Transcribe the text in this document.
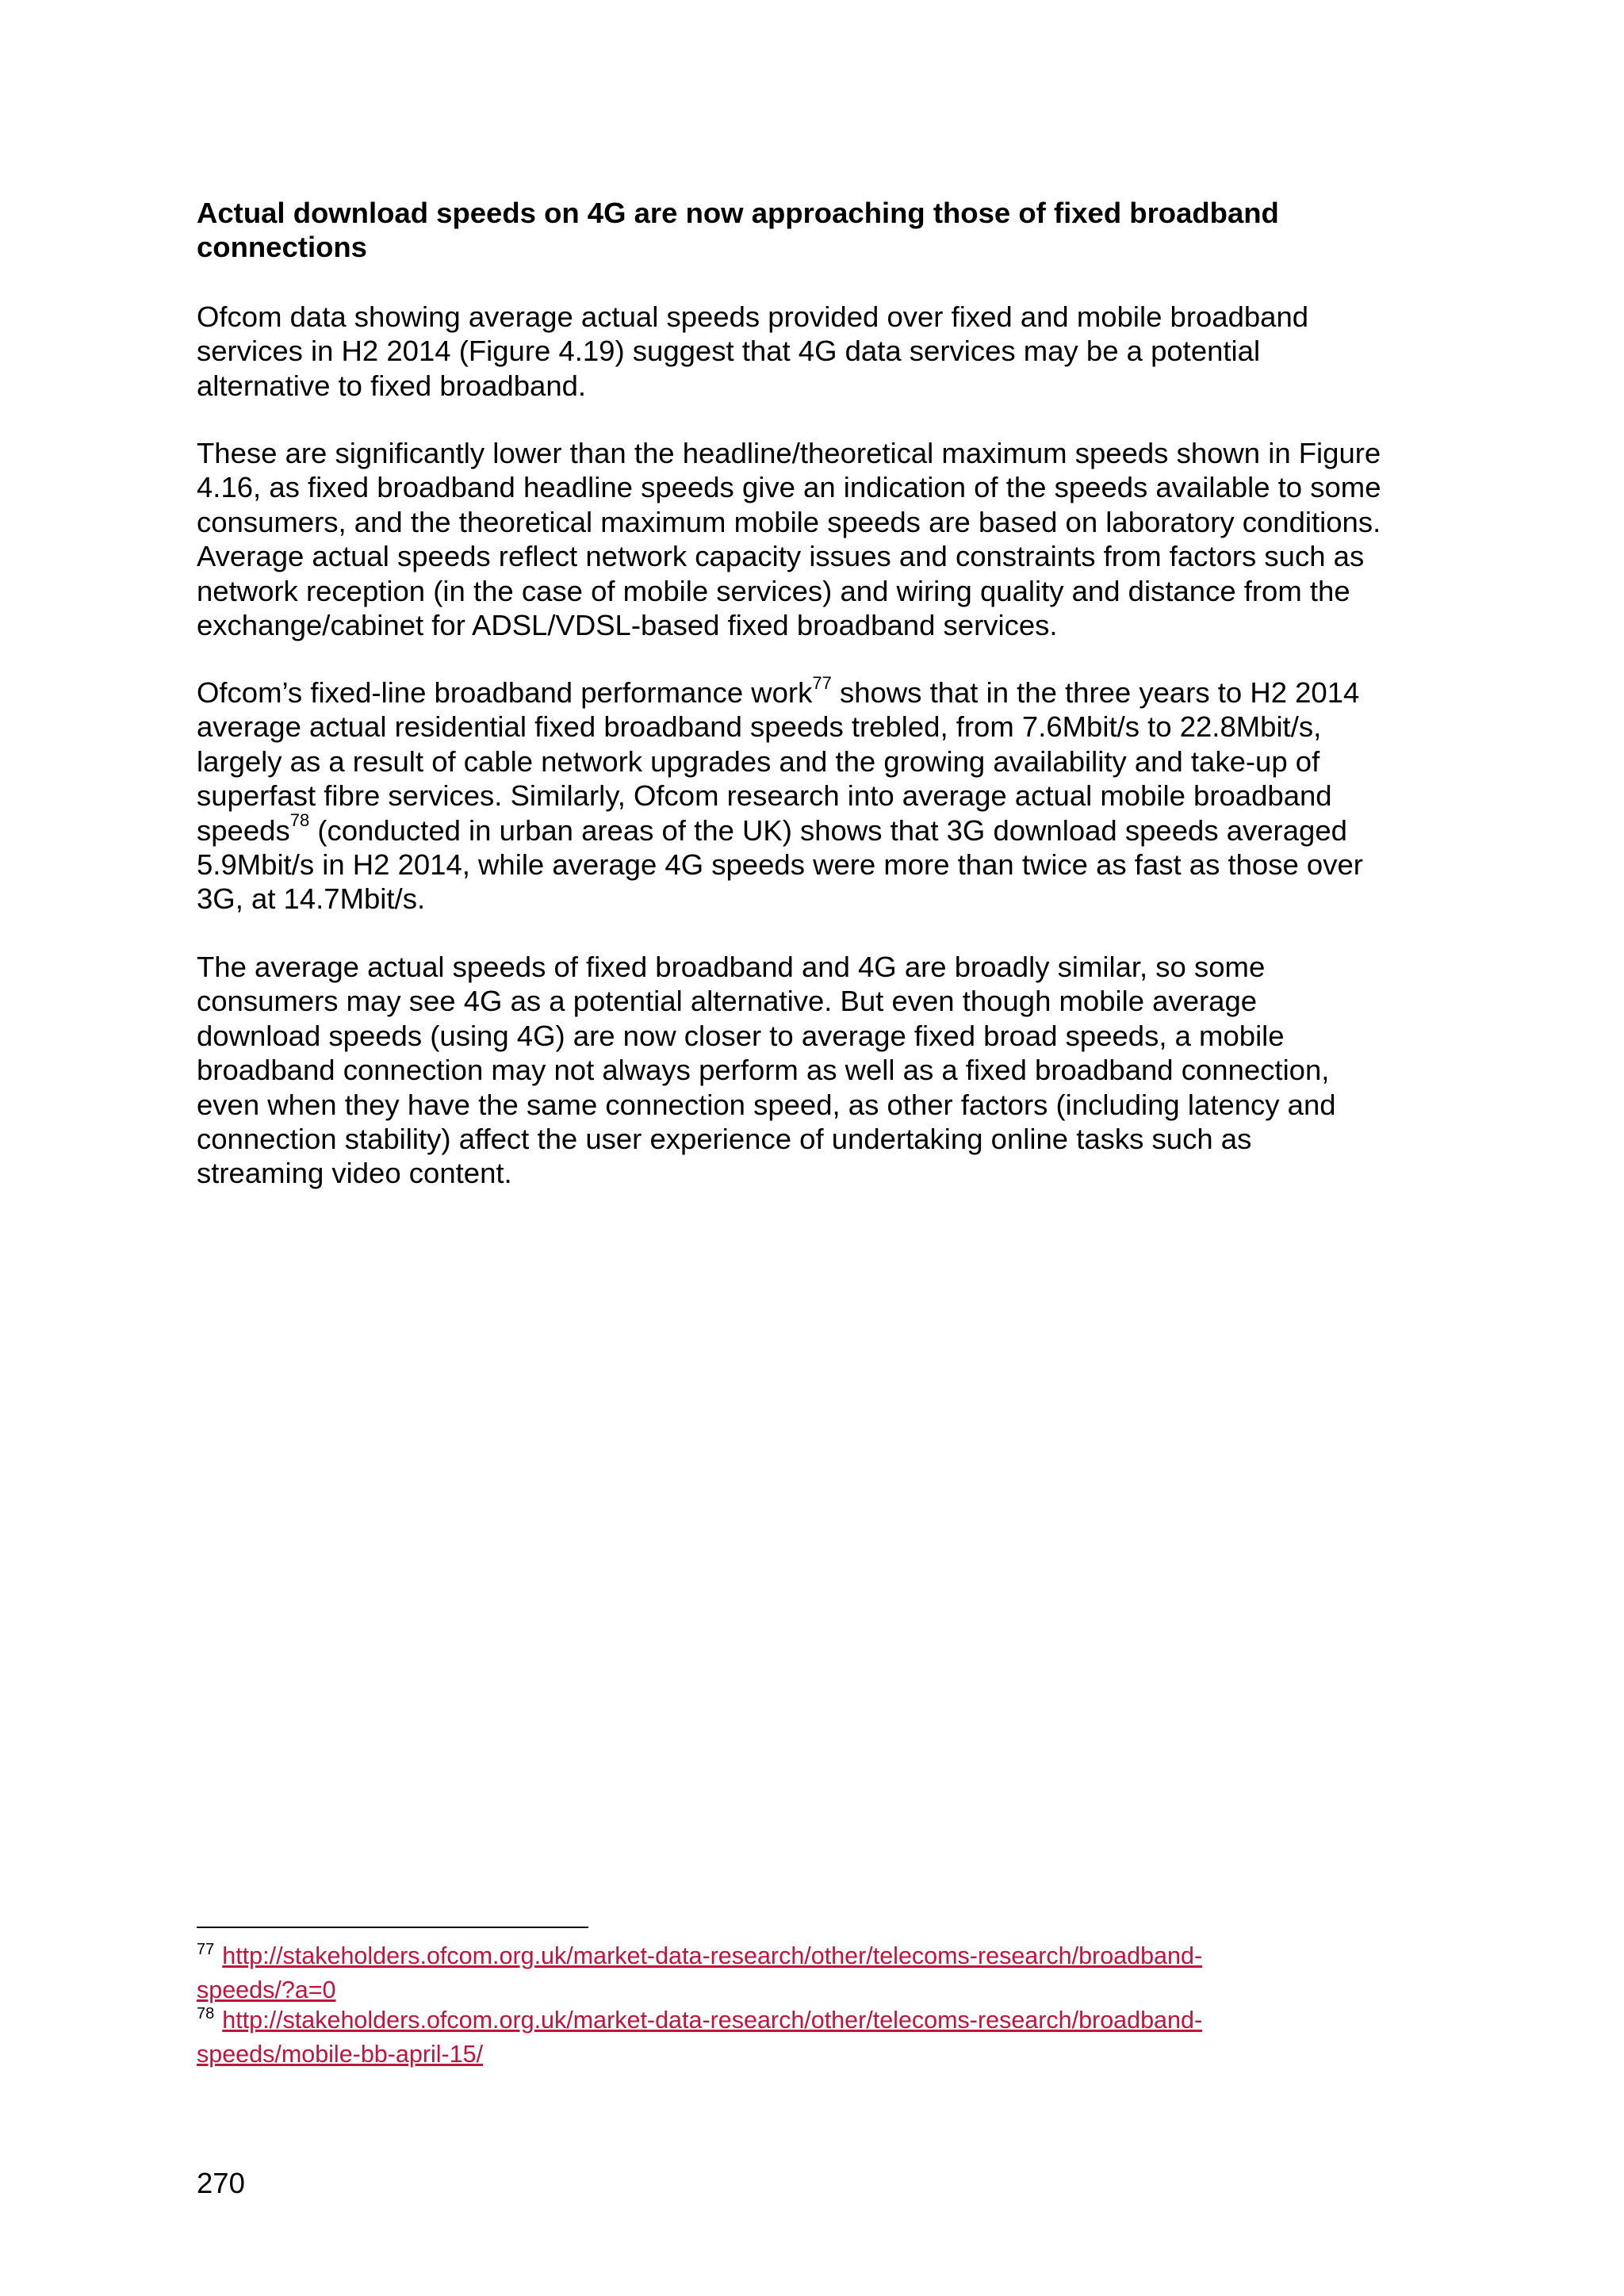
Actual download speeds on 4G are now approaching those of fixed broadband
connections

Ofcom data showing average actual speeds provided over fixed and mobile broadband
services in H2 2014 (Figure 4.19) suggest that 4G data services may be a potential
alternative to fixed broadband.

These are significantly lower than the headline/theoretical maximum speeds shown in Figure
4.16, as fixed broadband headline speeds give an indication of the speeds available to some
consumers, and the theoretical maximum mobile speeds are based on laboratory conditions.
Average actual speeds reflect network capacity issues and constraints from factors such as
network reception (in the case of mobile services) and wiring quality and distance from the
exchange/cabinet for ADSL/VDSL-based fixed broadband services.

Ofcom’s fixed-line broadband performance work$^{77}$ shows that in the three years to H2 2014
average actual residential fixed broadband speeds trebled, from 7.6Mbit/s to 22.8Mbit/s,
largely as a result of cable network upgrades and the growing availability and take-up of
superfast fibre services. Similarly, Ofcom research into average actual mobile broadband
speeds$^{78}$ (conducted in urban areas of the UK) shows that 3G download speeds averaged
5.9Mbit/s in H2 2014, while average 4G speeds were more than twice as fast as those over
3G, at 14.7Mbit/s.

The average actual speeds of fixed broadband and 4G are broadly similar, so some
consumers may see 4G as a potential alternative. But even though mobile average
download speeds (using 4G) are now closer to average fixed broad speeds, a mobile
broadband connection may not always perform as well as a fixed broadband connection,
even when they have the same connection speed, as other factors (including latency and
connection stability) affect the user experience of undertaking online tasks such as
streaming video content.

$^{77}$ http://stakeholders.ofcom.org.uk/market-data-research/other/telecoms-research/broadband-
speeds/?a=0
$^{78}$ http://stakeholders.ofcom.org.uk/market-data-research/other/telecoms-research/broadband-
speeds/mobile-bb-april-15/
270
